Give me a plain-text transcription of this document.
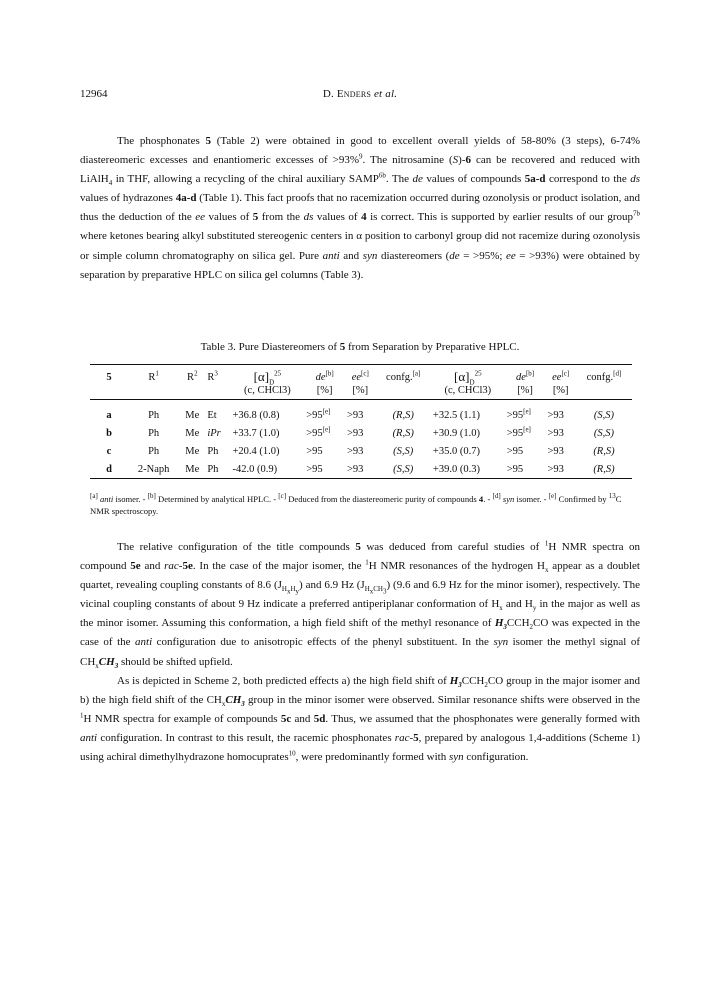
12964	D. Enders et al.

The phosphonates 5 (Table 2) were obtained in good to excellent overall yields of 58-80% (3 steps), 6-74% diastereomeric excesses and enantiomeric excesses of >93%$^9$. The nitrosamine (S)-6 can be recovered and reduced with LiAlH$_4$ in THF, allowing a recycling of the chiral auxiliary $SAMP^{6b}$. The de values of compounds 5a-d correspond to the ds values of hydrazones 4a-d (Table 1). This fact proofs that no racemization occurred during ozonolysis or product isolation, and thus the deduction of the ee values of 5 from the ds values of 4 is correct. This is supported by earlier results of our group$^{7b}$ where ketones bearing alkyl substituted stereogenic centers in α position to carbonyl group did not racemize during ozonolysis or simple column chromatography on silica gel. Pure anti and syn diastereomers (de = >95%; ee = >93%) were obtained by separation by preparative HPLC on silica gel columns (Table 3).

Table 3. Pure Diastereomers of 5 from Separation by Preparative HPLC.
5	$R^1$	$R^2$	$R^3$	$[\alpha]_D^{25}$	de[b]	ee[c]	confg.[a]	$[\alpha]_D^{25}$	de[b]	ee[c]	confg.[d]
				(c, CHCl3)	[%]	[%]		(c, CHCl3)	[%]	[%]	
a	Ph	Me	Et	+36.8 (0.8)	>95[e]	>93	(R,S)	+32.5 (1.1)	>95[e]	>93	(S,S)
b	Ph	Me	iPr	+33.7 (1.0)	>95[e]	>93	(R,S)	+30.9 (1.0)	>95[e]	>93	(S,S)
c	Ph	Me	Ph	+20.4 (1.0)	>95	>93	(S,S)	+35.0 (0.7)	>95	>93	(R,S)
d	2-Naph	Me	Ph	-42.0 (0.9)	>95	>93	(S,S)	+39.0 (0.3)	>95	>93	(R,S)
[a] anti isomer. - [b] Determined by analytical HPLC. - [c] Deduced from the diastereomeric purity of compounds 4. - [d] syn isomer. - [e] Confirmed by $^{13}$C NMR spectroscopy.

The relative configuration of the title compounds 5 was deduced from careful studies of $^1$H NMR spectra on compound 5e and rac-5e. In the case of the major isomer, the $^1$H NMR resonances of the hydrogen $H_x$ appear as a doublet quartet, revealing coupling constants of 8.6 $(J_{H_xH_y})$ and 6.9 Hz $(J_{H_xCH_3})$ (9.6 and 6.9 Hz for the minor isomer), respectively. The vicinal coupling constants of about 9 Hz indicate a preferred antiperiplanar conformation of $H_x$ and $H_y$ in the major as well as the minor isomer. Assuming this conformation, a high field shift of the methyl resonance of $H_3CCH_2CO$ was expected in the case of the anti configuration due to anisotropic effects of the phenyl substituent. In the syn isomer the methyl signal of $CH_xCH_3$ should be shifted upfield.

As is depicted in Scheme 2, both predicted effects a) the high field shift of $H_3CCH_2CO$ group in the major isomer and b) the high field shift of the $CH_xCH_3$ group in the minor isomer were observed. Similar resonance shifts were observed in the $^1$H NMR spectra for example of compounds 5c and 5d. Thus, we assumed that the phosphonates were generally formed with anti configuration. In contrast to this result, the racemic phosphonates rac-5, prepared by analogous 1,4-additions (Scheme 1) using achiral dimethylhydrazone homocuprates$^{10}$, were predominantly formed with syn configuration.
